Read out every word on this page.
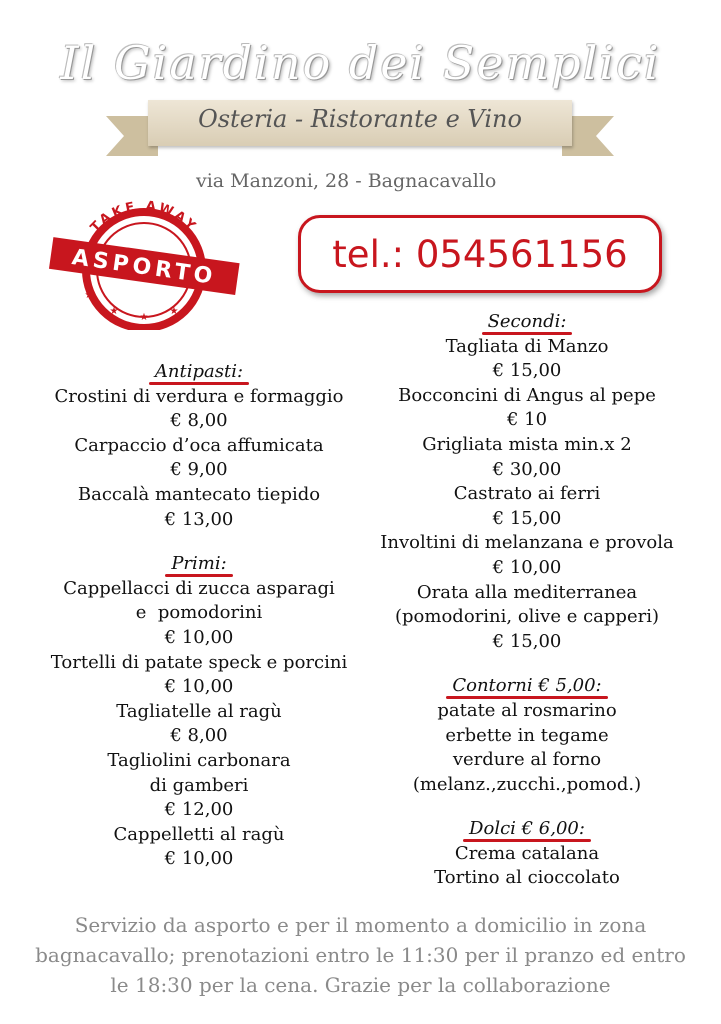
Il Giardino dei Semplici
Osteria - Ristorante e Vino
via Manzoni, 28 - Bagnacavallo
TAKE AWAY
ASPORTO
★
★
★
★
tel.: 054561156
Antipasti:
Crostini di verdura e formaggio
€ 8,00
Carpaccio d’oca affumicata
€ 9,00
Baccalà mantecato tiepido
€ 13,00
Primi:
Cappellacci di zucca asparagi
e  pomodorini
€ 10,00
Tortelli di patate speck e porcini
€ 10,00
Tagliatelle al ragù
€ 8,00
Tagliolini carbonara
di gamberi
€ 12,00
Cappelletti al ragù
€ 10,00
Secondi:
Tagliata di Manzo
€ 15,00
Bocconcini di Angus al pepe
€ 10
Grigliata mista min.x 2
€ 30,00
Castrato ai ferri
€ 15,00
Involtini di melanzana e provola
€ 10,00
Orata alla mediterranea
(pomodorini, olive e capperi)
€ 15,00
Contorni € 5,00:
patate al rosmarino
erbette in tegame
verdure al forno
(melanz.,zucchi.,pomod.)
Dolci € 6,00:
Crema catalana
Tortino al cioccolato
Servizio da asporto e per il momento a domicilio in zona
bagnacavallo; prenotazioni entro le 11:30 per il pranzo ed entro
le 18:30 per la cena. Grazie per la collaborazione
